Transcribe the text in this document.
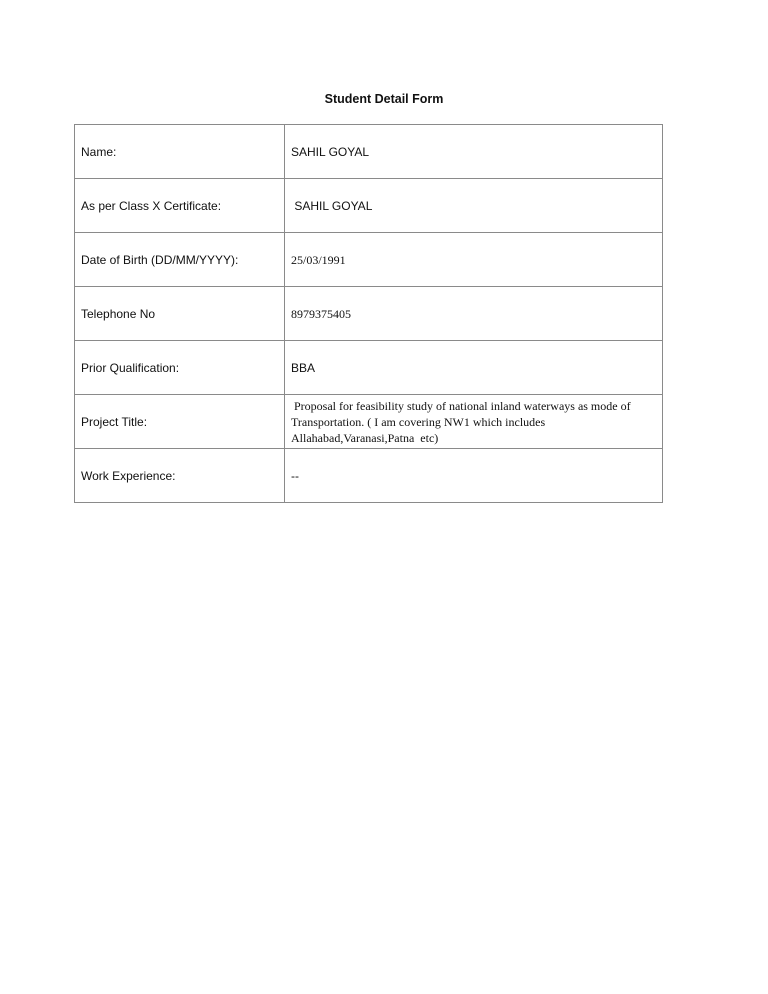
Student Detail Form
Name:	SAHIL GOYAL
As per Class X Certificate:	SAHIL GOYAL
Date of Birth (DD/MM/YYYY):	25/03/1991
Telephone No	8979375405
Prior Qualification:	BBA
Project Title:	Proposal for feasibility study of national inland waterways as mode of
Transportation. ( I am covering NW1 which includes
Allahabad,Varanasi,Patna  etc)

Work Experience:	--
